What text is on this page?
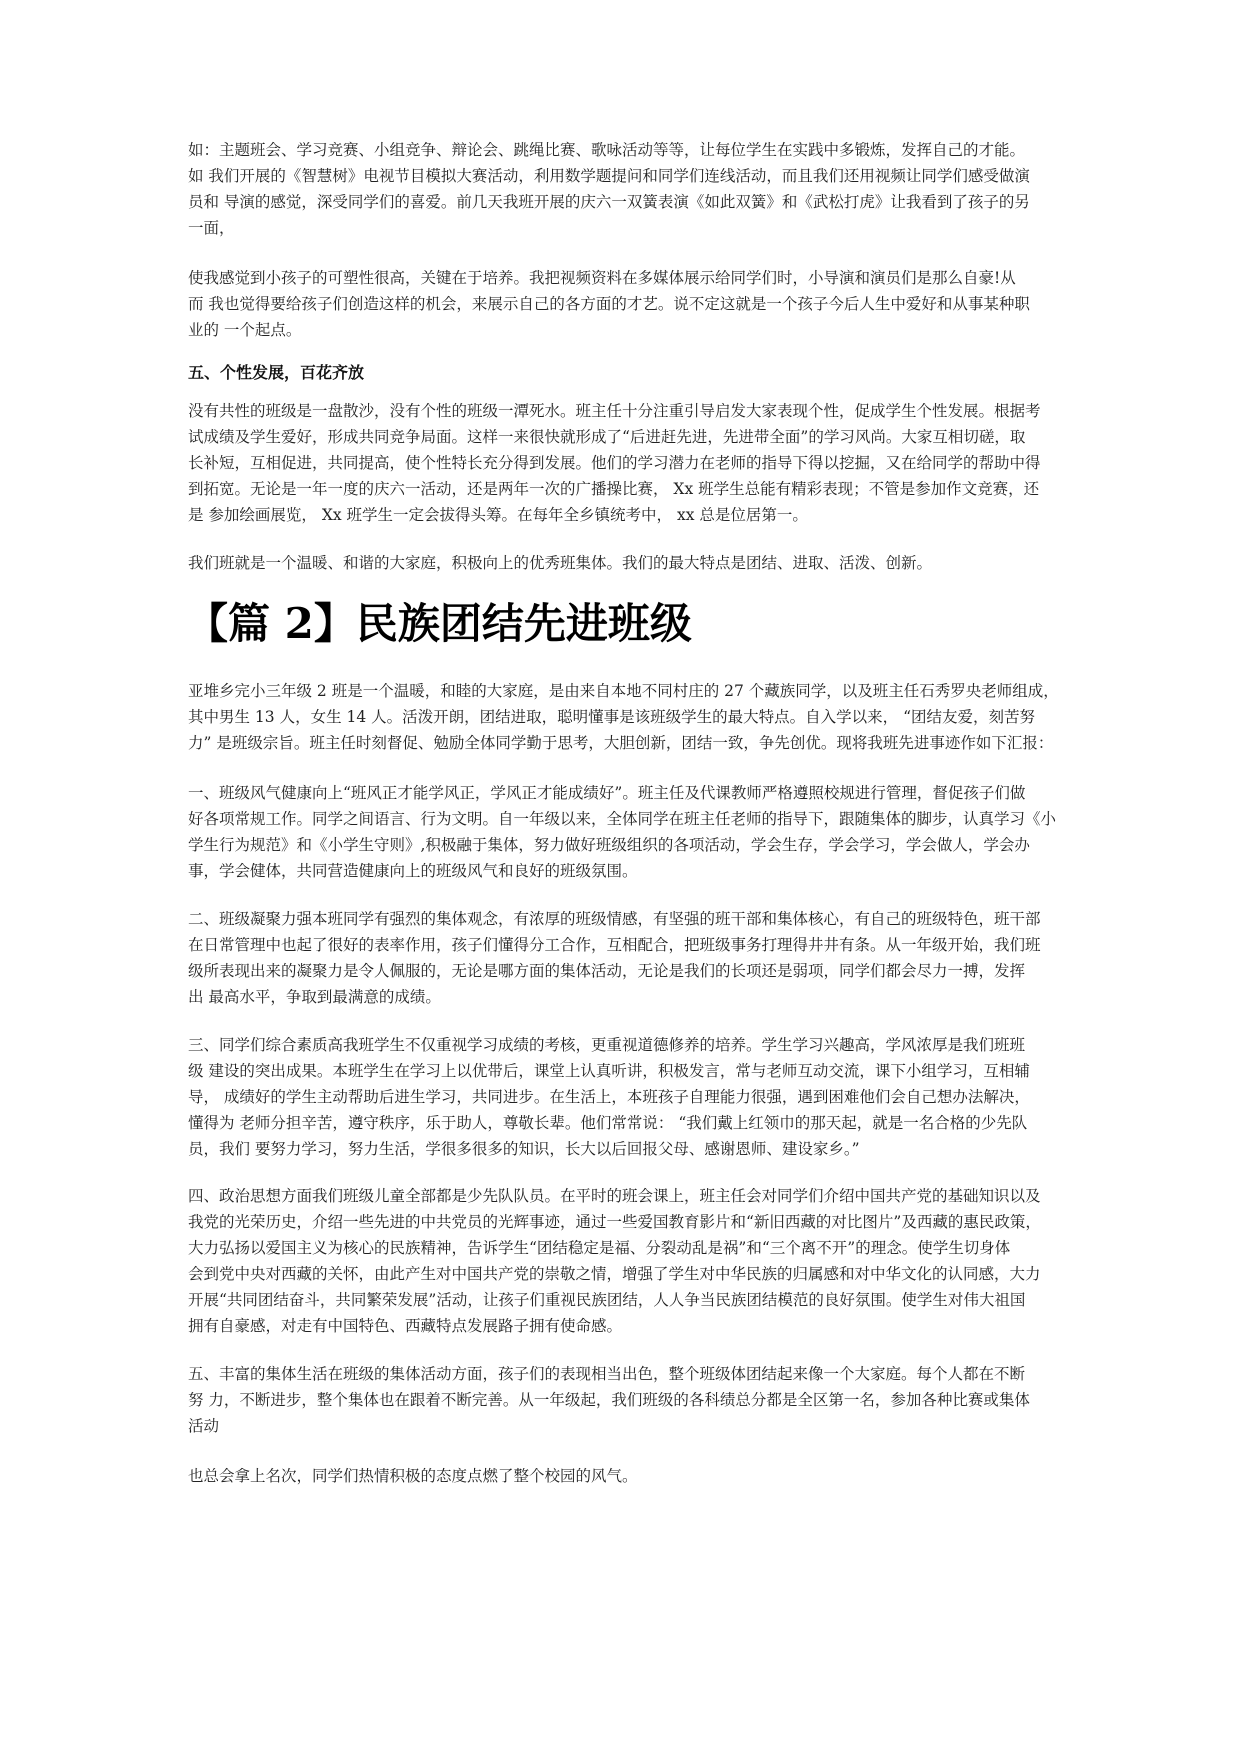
如：主题班会、学习竞赛、小组竞争、辩论会、跳绳比赛、歌咏活动等等，让每位学生在实践中多锻炼，发挥自己的才能。
如 我们开展的《智慧树》电视节目模拟大赛活动，利用数学题提问和同学们连线活动，而且我们还用视频让同学们感受做演
员和 导演的感觉，深受同学们的喜爱。前几天我班开展的庆六一双簧表演《如此双簧》和《武松打虎》让我看到了孩子的另
一面，
使我感觉到小孩子的可塑性很高，关键在于培养。我把视频资料在多媒体展示给同学们时，小导演和演员们是那么自豪!从
而 我也觉得要给孩子们创造这样的机会，来展示自己的各方面的才艺。说不定这就是一个孩子今后人生中爱好和从事某种职
业的 一个起点。
五、个性发展，百花齐放
没有共性的班级是一盘散沙，没有个性的班级一潭死水。班主任十分注重引导启发大家表现个性，促成学生个性发展。根据考
试成绩及学生爱好，形成共同竞争局面。这样一来很快就形成了“后进赶先进，先进带全面”的学习风尚。大家互相切磋，取
长补短，互相促进，共同提高，使个性特长充分得到发展。他们的学习潜力在老师的指导下得以挖掘，又在给同学的帮助中得
到拓宽。无论是一年一度的庆六一活动，还是两年一次的广播操比赛， Xx 班学生总能有精彩表现；不管是参加作文竞赛，还
是 参加绘画展览， Xx 班学生一定会拔得头筹。在每年全乡镇统考中， xx 总是位居第一。
我们班就是一个温暖、和谐的大家庭，积极向上的优秀班集体。我们的最大特点是团结、进取、活泼、创新。
【篇 2】民族团结先进班级
亚堆乡完小三年级 2 班是一个温暖，和睦的大家庭，是由来自本地不同村庄的 27 个藏族同学，以及班主任石秀罗央老师组成，
其中男生 13 人，女生 14 人。活泼开朗，团结进取，聪明懂事是该班级学生的最大特点。自入学以来， “团结友爱，刻苦努
力” 是班级宗旨。班主任时刻督促、勉励全体同学勤于思考，大胆创新，团结一致，争先创优。现将我班先进事迹作如下汇报：
一、班级风气健康向上“班风正才能学风正，学风正才能成绩好”。班主任及代课教师严格遵照校规进行管理，督促孩子们做
好各项常规工作。同学之间语言、行为文明。自一年级以来，全体同学在班主任老师的指导下，跟随集体的脚步，认真学习《小
学生行为规范》和《小学生守则》,积极融于集体，努力做好班级组织的各项活动，学会生存，学会学习，学会做人，学会办
事，学会健体，共同营造健康向上的班级风气和良好的班级氛围。
二、班级凝聚力强本班同学有强烈的集体观念，有浓厚的班级情感，有坚强的班干部和集体核心，有自己的班级特色，班干部
在日常管理中也起了很好的表率作用，孩子们懂得分工合作，互相配合，把班级事务打理得井井有条。从一年级开始，我们班
级所表现出来的凝聚力是令人佩服的，无论是哪方面的集体活动，无论是我们的长项还是弱项，同学们都会尽力一搏，发挥
出 最高水平，争取到最满意的成绩。
三、同学们综合素质高我班学生不仅重视学习成绩的考核，更重视道德修养的培养。学生学习兴趣高，学风浓厚是我们班班
级 建设的突出成果。本班学生在学习上以优带后，课堂上认真听讲，积极发言，常与老师互动交流，课下小组学习，互相辅
导， 成绩好的学生主动帮助后进生学习，共同进步。在生活上，本班孩子自理能力很强，遇到困难他们会自己想办法解决，
懂得为 老师分担辛苦，遵守秩序，乐于助人，尊敬长辈。他们常常说： “我们戴上红领巾的那天起，就是一名合格的少先队
员，我们 要努力学习，努力生活，学很多很多的知识，长大以后回报父母、感谢恩师、建设家乡。”
四、政治思想方面我们班级儿童全部都是少先队队员。在平时的班会课上，班主任会对同学们介绍中国共产党的基础知识以及
我党的光荣历史，介绍一些先进的中共党员的光辉事迹，通过一些爱国教育影片和“新旧西藏的对比图片”及西藏的惠民政策，
大力弘扬以爱国主义为核心的民族精神，告诉学生“团结稳定是福、分裂动乱是祸”和“三个离不开”的理念。使学生切身体
会到党中央对西藏的关怀，由此产生对中国共产党的崇敬之情，增强了学生对中华民族的归属感和对中华文化的认同感，大力
开展“共同团结奋斗，共同繁荣发展”活动，让孩子们重视民族团结，人人争当民族团结模范的良好氛围。使学生对伟大祖国
拥有自豪感，对走有中国特色、西藏特点发展路子拥有使命感。
五、丰富的集体生活在班级的集体活动方面，孩子们的表现相当出色，整个班级体团结起来像一个大家庭。每个人都在不断
努 力，不断进步，整个集体也在跟着不断完善。从一年级起，我们班级的各科绩总分都是全区第一名，参加各种比赛或集体
活动
也总会拿上名次，同学们热情积极的态度点燃了整个校园的风气。
